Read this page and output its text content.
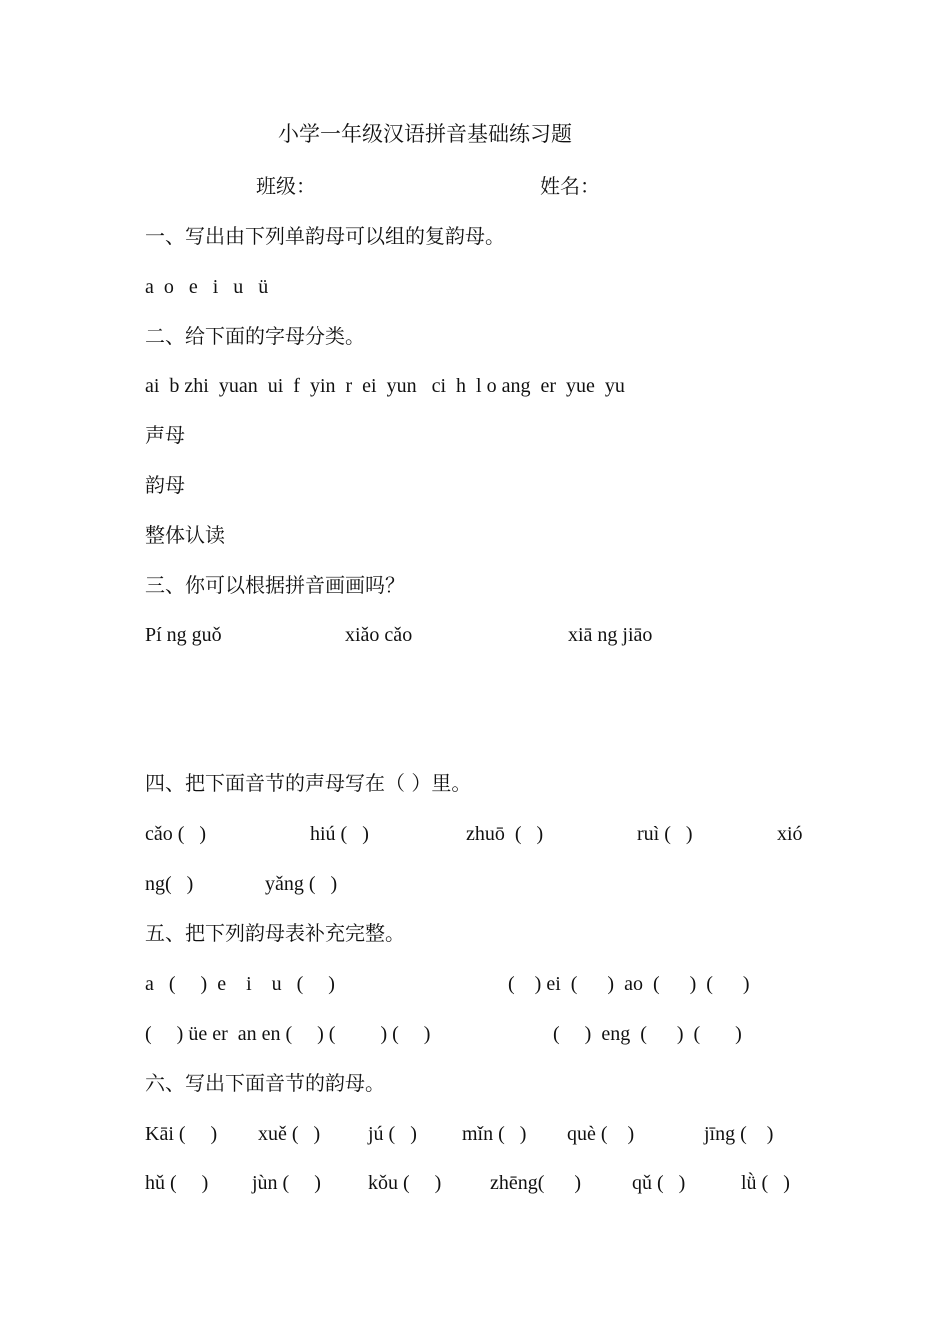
小学一年级汉语拼音基础练习题
班级：	姓名：
一、写出由下列单韵母可以组的复韵母。
a  o   e   i   u   ü
二、给下面的字母分类。
ai  b zhi  yuan  ui  f  yin  r  ei  yun   ci  h  l o ang  er  yue  yu
声母
韵母
整体认读
三、你可以根据拼音画画吗？
Pí ng guǒ	xiǎo cǎo	xiā ng jiāo
四、把下面音节的声母写在（ ）里。
cǎo (   )	hiú (   )	zhuō  (   )	ruì (   )	xió
ng(   )	yǎng (   )
五、把下列韵母表补充完整。
a   (     )  e    i    u   (     )	(    ) ei  (      )  ao  (      )  (      )
(     ) üe er  an en (     ) (         ) (     )	(     )  eng  (      )  (       )
六、写出下面音节的韵母。
Kāi (     ) xuě (   ) jú (   ) mǐn (   ) què (    )	jīng (    )
hǔ (     ) jùn (     ) kǒu (     ) zhēng(      )	qǔ (   )	lǜ (   )
